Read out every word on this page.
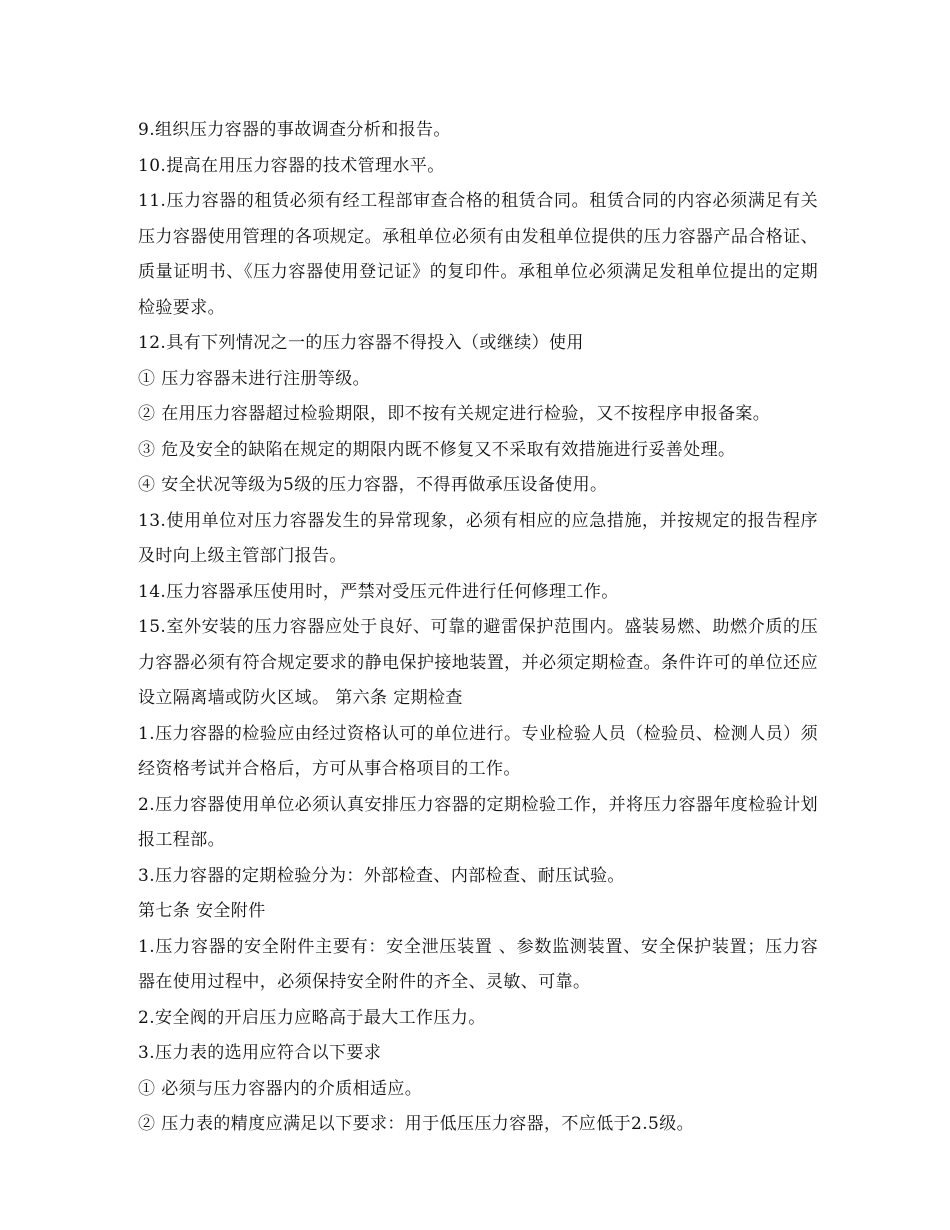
9.组织压力容器的事故调查分析和报告。

10.提高在用压力容器的技术管理水平。

11.压力容器的租赁必须有经工程部审查合格的租赁合同。租赁合同的内容必须满足有关压力容器使用管理的各项规定。承租单位必须有由发租单位提供的压力容器产品合格证、质量证明书、《压力容器使用登记证》的复印件。承租单位必须满足发租单位提出的定期检验要求。

12.具有下列情况之一的压力容器不得投入（或继续）使用

① 压力容器未进行注册等级。

② 在用压力容器超过检验期限，即不按有关规定进行检验，又不按程序申报备案。

③ 危及安全的缺陷在规定的期限内既不修复又不采取有效措施进行妥善处理。

④ 安全状况等级为5级的压力容器，不得再做承压设备使用。

13.使用单位对压力容器发生的异常现象，必须有相应的应急措施，并按规定的报告程序及时向上级主管部门报告。

14.压力容器承压使用时，严禁对受压元件进行任何修理工作。

15.室外安装的压力容器应处于良好、可靠的避雷保护范围内。盛装易燃、助燃介质的压力容器必须有符合规定要求的静电保护接地装置，并必须定期检查。条件许可的单位还应设立隔离墙或防火区域。 第六条 定期检查

1.压力容器的检验应由经过资格认可的单位进行。专业检验人员（检验员、检测人员）须经资格考试并合格后，方可从事合格项目的工作。

2.压力容器使用单位必须认真安排压力容器的定期检验工作，并将压力容器年度检验计划报工程部。

3.压力容器的定期检验分为：外部检查、内部检查、耐压试验。

第七条 安全附件

1.压力容器的安全附件主要有：安全泄压装置 、参数监测装置、安全保护装置；压力容器在使用过程中，必须保持安全附件的齐全、灵敏、可靠。

2.安全阀的开启压力应略高于最大工作压力。

3.压力表的选用应符合以下要求

① 必须与压力容器内的介质相适应。

② 压力表的精度应满足以下要求：用于低压压力容器，不应低于2.5级。
